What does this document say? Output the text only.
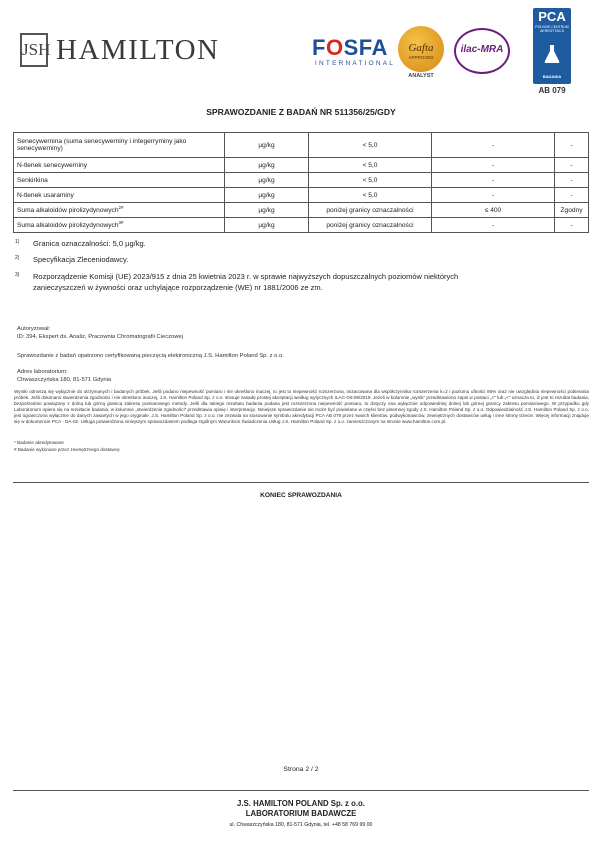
JSH HAMILTON	FOSFA
INTERNATIONAL
Gafta
APPROVED
ANALYST
ilac-MRA
PCA
POLSKIE CENTRUM AKREDYTACJI
BADANIA
AB 079
SPRAWOZDANIE Z BADAŃ NR 511356/25/GDY
Senecywernina (suma senecywerniny i integerryminy jako senecywerniny)	µg/kg	< 5,0	-	-
N-tlenek senecywerniny	µg/kg	< 5,0	-	-
Senkirkina	µg/kg	< 5,0	-	-
N-tlenek usaraminy	µg/kg	< 5,0	-	-
Suma alkaloidów pirolizydynowych$^{2\#}$	µg/kg	poniżej granicy oznaczalności	≤ 400	Zgodny
Suma alkaloidów pirolizydynowych$^{3\#}$	µg/kg	poniżej granicy oznaczalności	-	-
1) Granica oznaczalności: 5,0 µg/kg.
2) Specyfikacja Zleceniodawcy.
3) Rozporządzenie Komisji (UE) 2023/915 z dnia 25 kwietnia 2023 r. w sprawie najwyższych dopuszczalnych poziomów niektórych
zanieczyszczeń w żywności oraz uchylające rozporządzenie (WE) nr 1881/2006 ze zm.
Autoryzował:
ID: 394, Ekspert ds. Analiz, Pracownia Chromatografii Cieczowej
Sprawozdanie z badań opatrzono certyfikowaną pieczęcią elektroniczną J.S. Hamilton Poland Sp. z o.o.
Adres laboratorium:
Chwaszczyńska 180, 81-571 Gdynia
Wyniki odnoszą się wyłącznie do otrzymanych i badanych próbek. Jeśli podano niepewność pomiaru i nie określono inaczej, to jest to niepewność rozszerzona, oszacowana dla współczynnika rozszerzenia k=2 i poziomu ufności 95% oraz nie uwzględnia niepewności pobierania próbek. Jeśli dokonano stwierdzenia zgodności i nie określono inaczej, J.S. Hamilton Poland Sp. z o.o. stosuje zasadę prostej akceptacji według wytycznych ILAC-G8:09/2019. Jeżeli w kolumnie „wynik” przedstawiono zapis w postaci „<” lub „<” oznacza to, iż jest to rezultat badania, bezpośrednio powiązany z dolną lub górną granicą zakresu pomiarowego metody. Jeśli dla takiego rezultatu badania podana jest rozszerzona niepewność pomiaru, to dotyczy ona wyłącznie odpowiedniej dolnej lub górnej granicy zakresu pomiarowego. W przypadku gdy Laboratorium opiera się na rezultacie badania, w kolumnie „stwierdzenie zgodności” przedstawia opinię i interpretację. Niniejsze sprawozdanie nie może być powielane w części bez pisemnej zgody J.S. Hamilton Poland Sp. z o.o. Odpowiedzialność J.S. Hamilton Poland Sp. z o.o. jest ograniczona wyłącznie do danych zawartych w jego oryginale. J.S. Hamilton Poland Sp. z o.o. nie zezwala na stosowanie symbolu akredytacji PCA AB 079 przez swoich klientów, podwykonawców, zewnętrznych dostawców usług i inne strony trzecie. Więcej informacji znajduje się w dokumencie PCA - DA-02. Usługa potwierdzona niniejszym sprawozdaniem podlega Ogólnym Warunkom Świadczenia Usług J.S. Hamilton Poland Sp. z o.o. zamieszczonym na stronie www.hamilton.com.pl.
* Badanie akredytowane
# Badanie wykonane przez zewnętrznego dostawcę
KONIEC SPRAWOZDANIA
Strona 2 / 2
J.S. HAMILTON POLAND Sp. z o.o.
LABORATORIUM BADAWCZE
ul. Chwaszczyńska 180, 81-571 Gdynia, tel. +48 58 769 99 00
